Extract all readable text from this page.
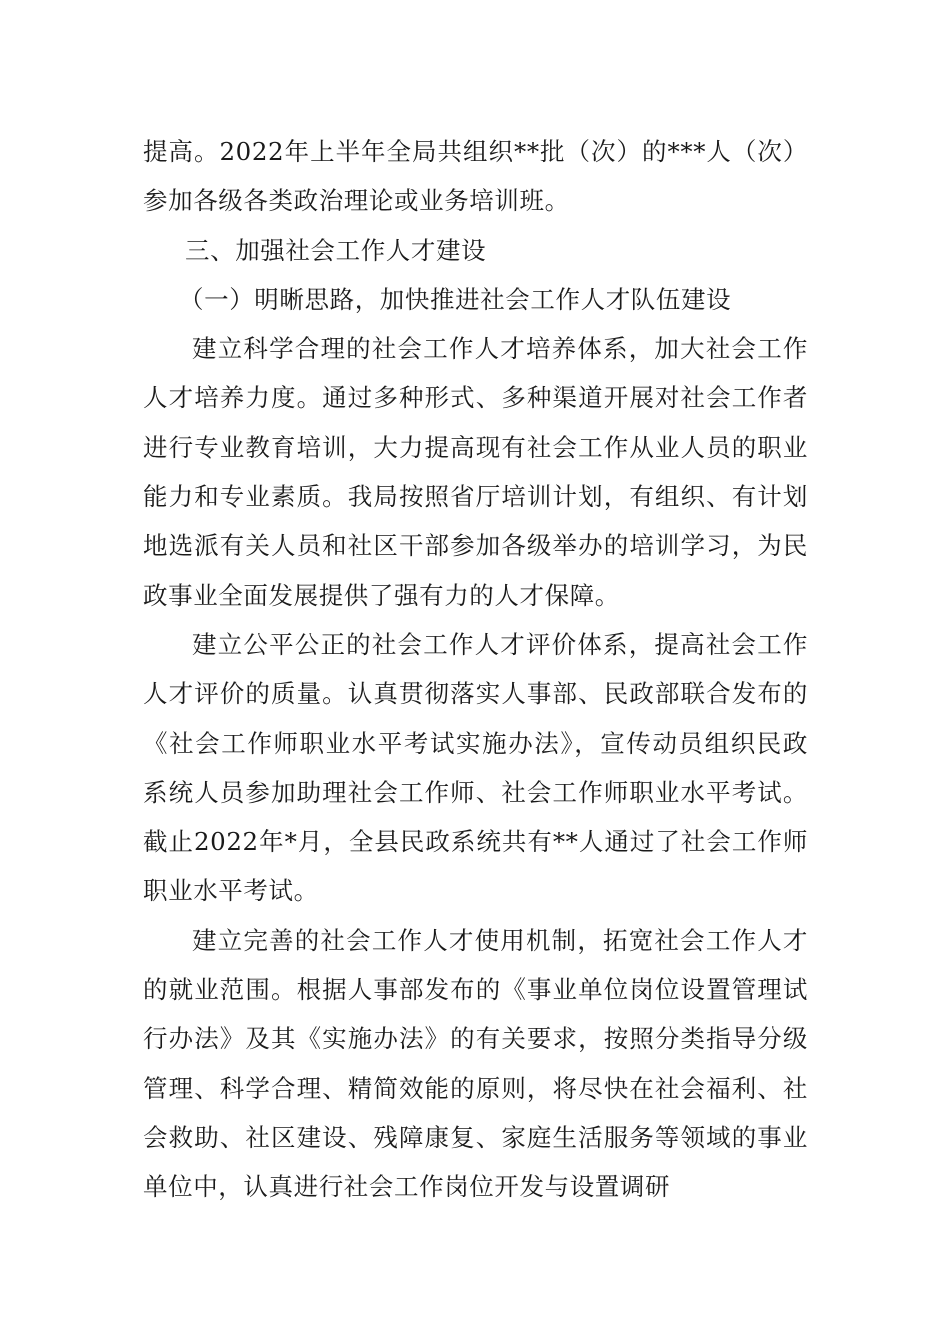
提高。2022年上半年全局共组织**批（次）的***人（次）参加各级各类政治理论或业务培训班。

三、加强社会工作人才建设

（一）明晰思路，加快推进社会工作人才队伍建设

建立科学合理的社会工作人才培养体系，加大社会工作人才培养力度。通过多种形式、多种渠道开展对社会工作者进行专业教育培训，大力提高现有社会工作从业人员的职业能力和专业素质。我局按照省厅培训计划，有组织、有计划地选派有关人员和社区干部参加各级举办的培训学习，为民政事业全面发展提供了强有力的人才保障。

建立公平公正的社会工作人才评价体系，提高社会工作人才评价的质量。认真贯彻落实人事部、民政部联合发布的《社会工作师职业水平考试实施办法》，宣传动员组织民政系统人员参加助理社会工作师、社会工作师职业水平考试。截止2022年*月，全县民政系统共有**人通过了社会工作师职业水平考试。

建立完善的社会工作人才使用机制，拓宽社会工作人才的就业范围。根据人事部发布的《事业单位岗位设置管理试行办法》及其《实施办法》的有关要求，按照分类指导分级管理、科学合理、精简效能的原则，将尽快在社会福利、社会救助、社区建设、残障康复、家庭生活服务等领域的事业单位中，认真进行社会工作岗位开发与设置调研
